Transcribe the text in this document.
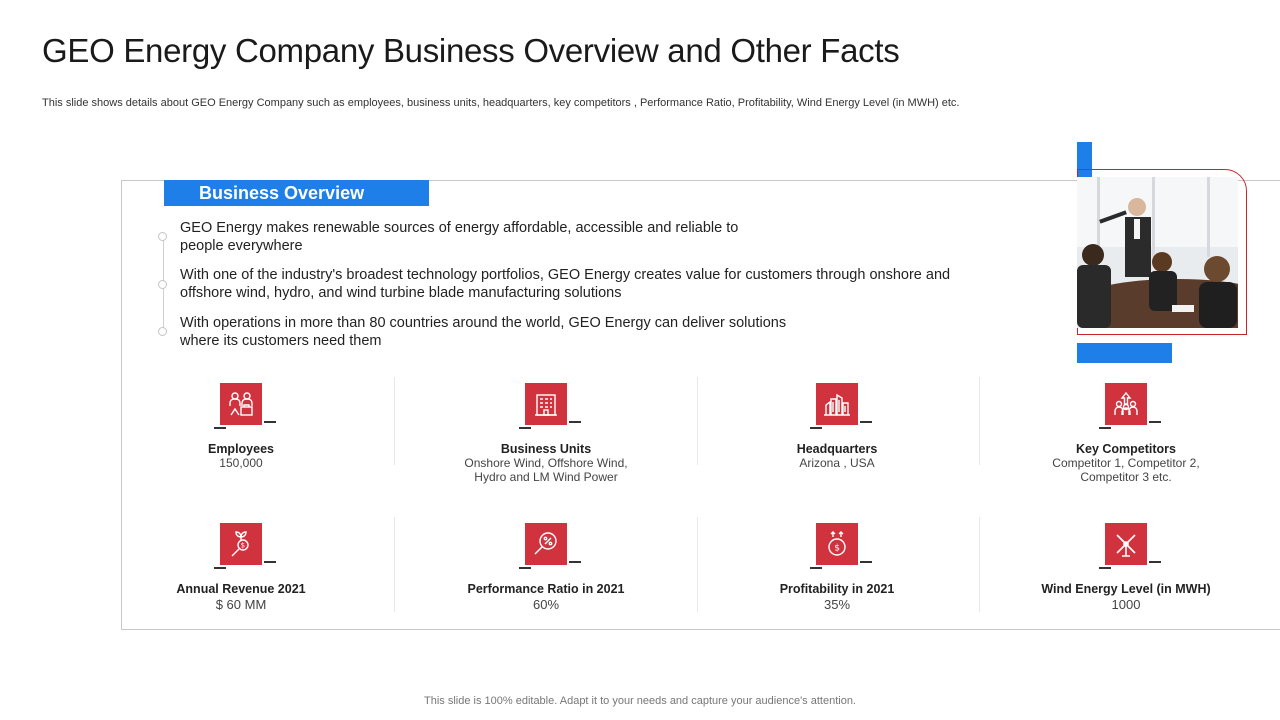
GEO Energy Company Business Overview and Other Facts

This slide shows details about GEO Energy Company such as employees, business units, headquarters, key competitors , Performance Ratio, Profitability, Wind Energy Level (in MWH) etc.

Business Overview

GEO Energy makes renewable sources of energy affordable, accessible and reliable to
people everywhere

With one of the industry's broadest technology portfolios, GEO Energy creates value for customers through onshore and
offshore wind, hydro, and wind turbine blade manufacturing solutions

With operations in more than 80 countries around the world, GEO Energy can deliver solutions
where its customers need them

Employees
150,000
Business Units
Onshore Wind, Offshore Wind,
Hydro and LM Wind Power
Headquarters
Arizona , USA
Key Competitors
Competitor 1, Competitor 2,
Competitor 3 etc.
$
Annual Revenue 2021
$ 60 MM
Performance Ratio in 2021
60%
$
Profitability in 2021
35%
Wind Energy Level (in MWH)
1000
This slide is 100% editable. Adapt it to your needs and capture your audience's attention.
